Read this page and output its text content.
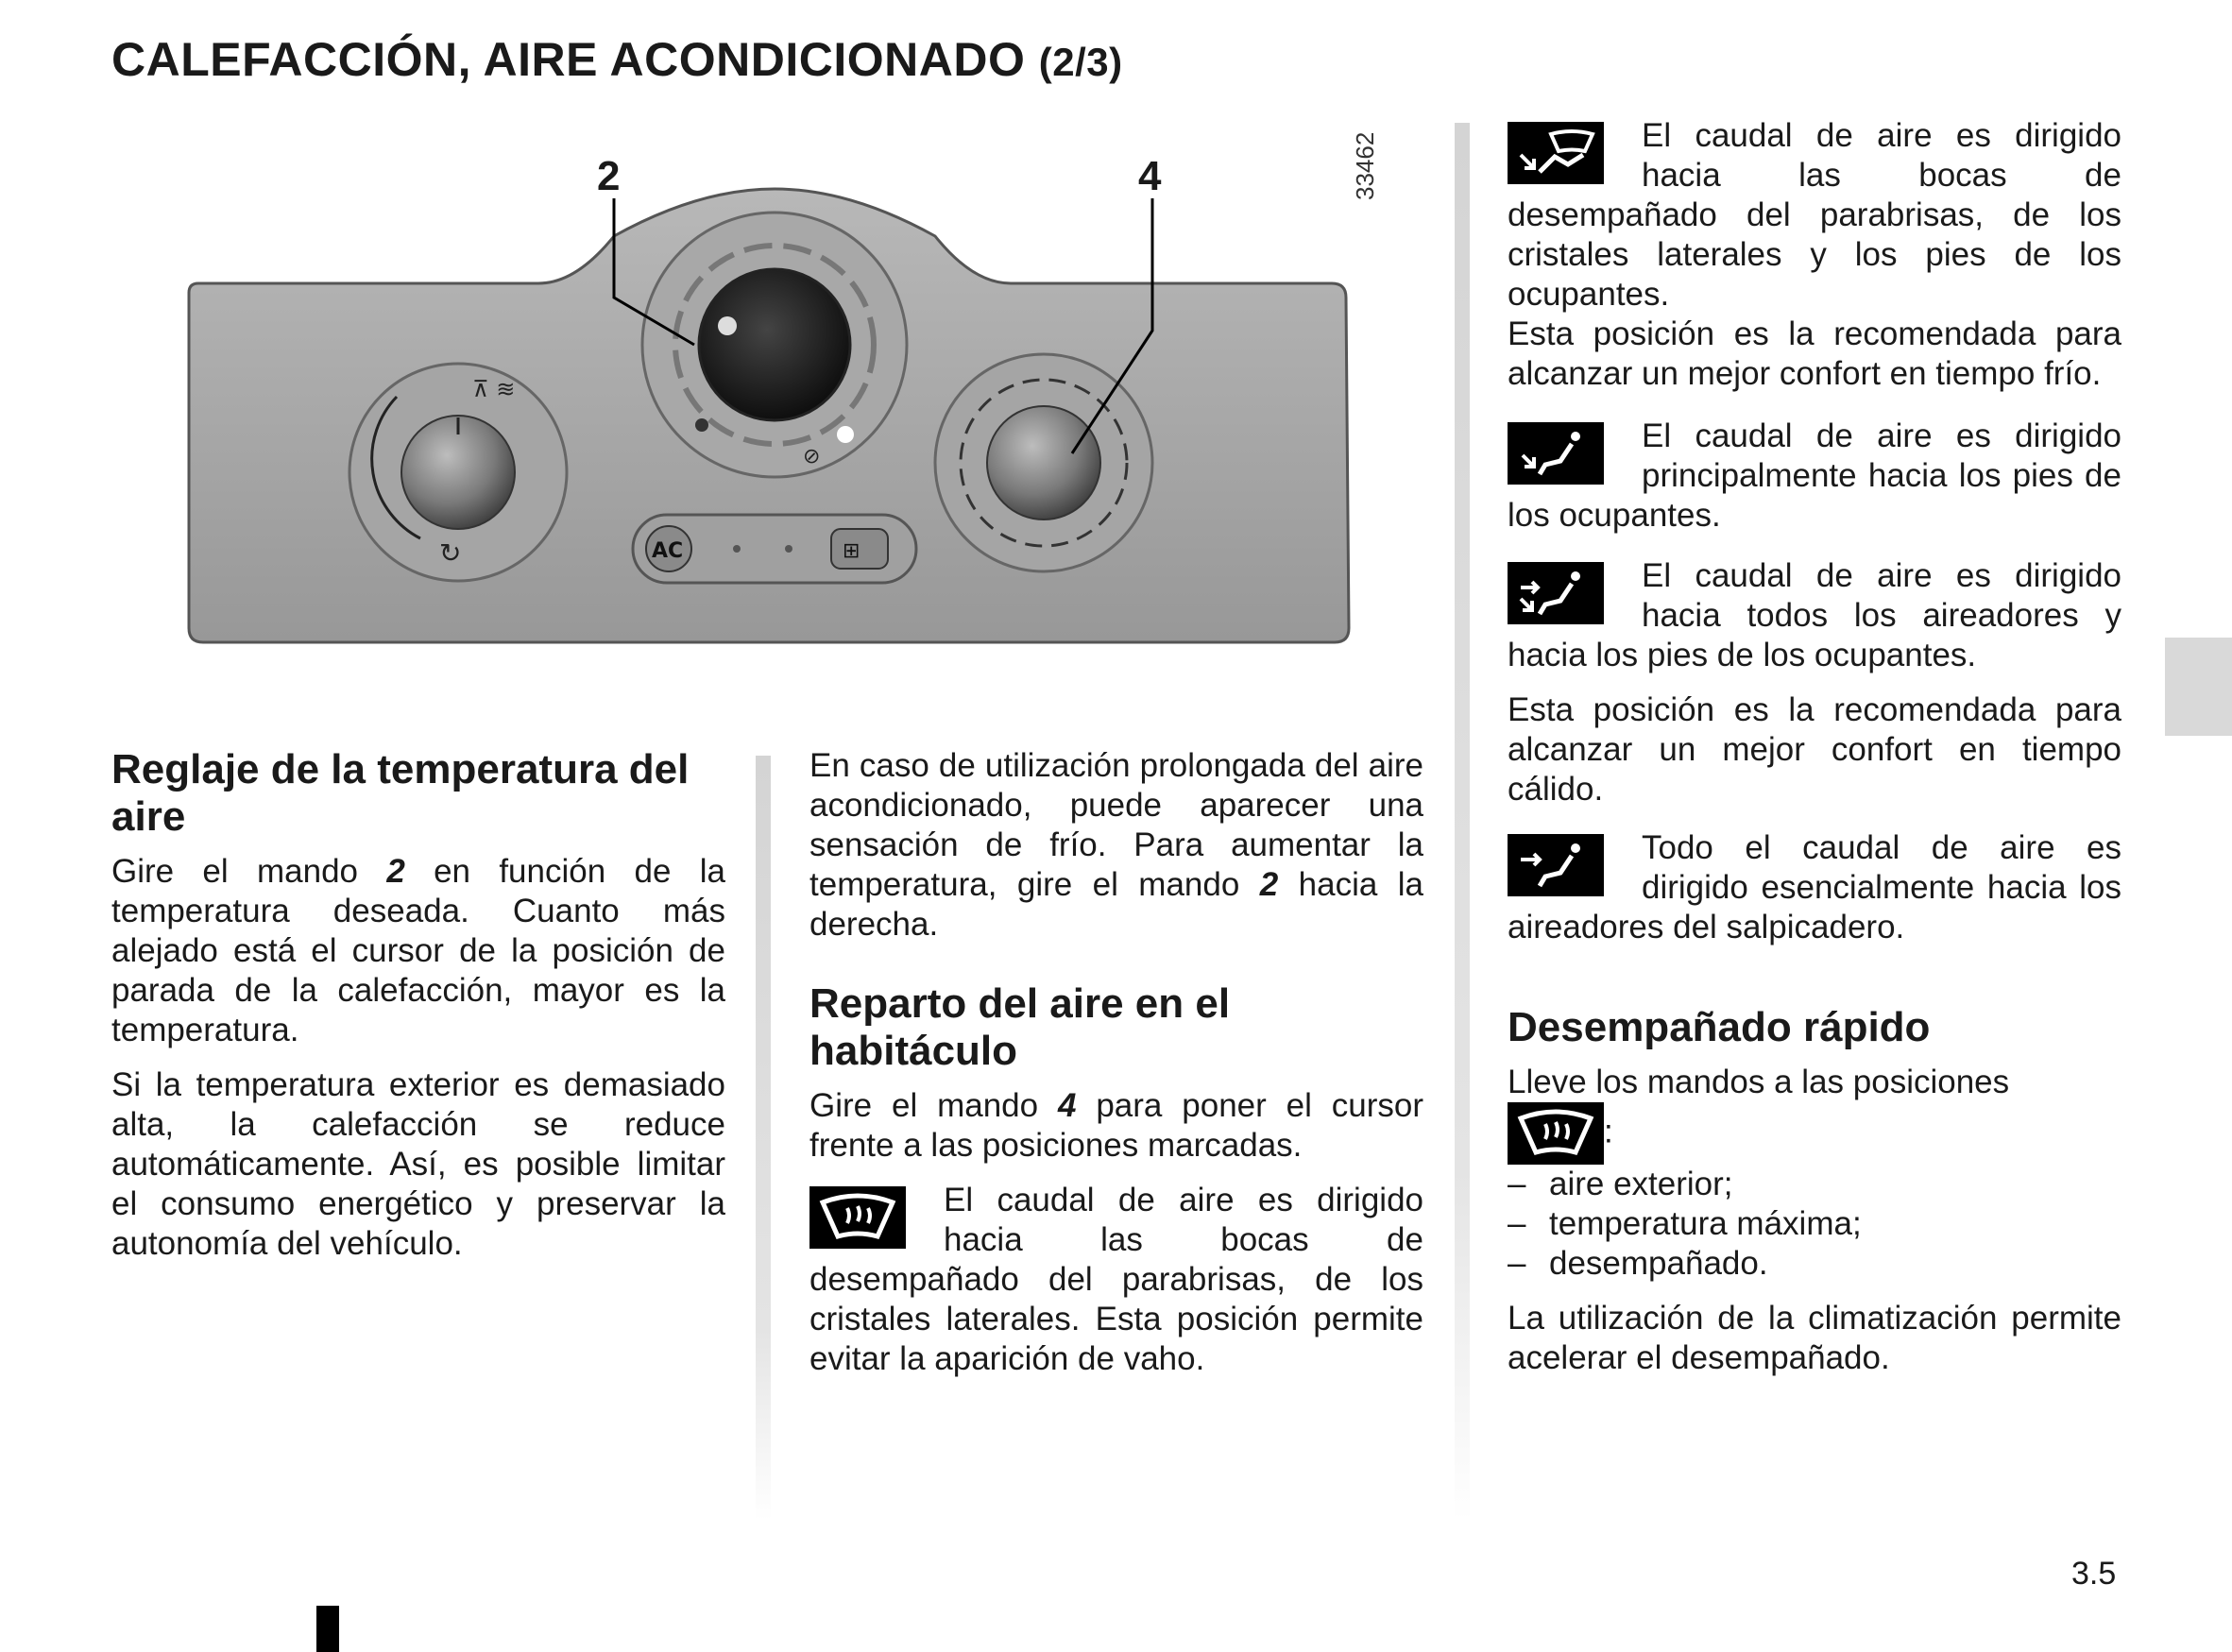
CALEFACCIÓN, AIRE ACONDICIONADO (2/3)
⊼ ≋
↻
⊘
AC	⊞
2	4	33462
Reglaje de la temperatura del aire

Gire el mando 2 en función de la temperatura deseada. Cuanto más alejado está el cursor de la posición de parada de la calefacción, mayor es la temperatura.

Si la temperatura exterior es demasiado alta, la calefacción se reduce automáticamente. Así, es posible limitar el consumo energético y preservar la autonomía del vehículo.

En caso de utilización prolongada del aire acondicionado, puede aparecer una sensación de frío. Para aumentar la temperatura, gire el mando 2 hacia la derecha.

Reparto del aire en el habitáculo

Gire el mando 4 para poner el cursor frente a las posiciones marcadas.

El caudal de aire es dirigido hacia las bocas de desempañado del parabrisas, de los cristales laterales. Esta posición permite evitar la aparición de vaho.

El caudal de aire es dirigido hacia las bocas de desempañado del parabrisas, de los cristales laterales y los pies de los ocupantes.

Esta posición es la recomendada para alcanzar un mejor confort en tiempo frío.

El caudal de aire es dirigido principalmente hacia los pies de los ocupantes.

El caudal de aire es dirigido hacia todos los aireadores y hacia los pies de los ocupantes.

Esta posición es la recomendada para alcanzar un mejor confort en tiempo cálido.

Todo el caudal de aire es dirigido esencialmente hacia los aireadores del salpicadero.

Desempañado rápido

Lleve los mandos a las posiciones

:

– aire exterior;
– temperatura máxima;
– desempañado.

La utilización de la climatización permite acelerar el desempañado.

3.5
